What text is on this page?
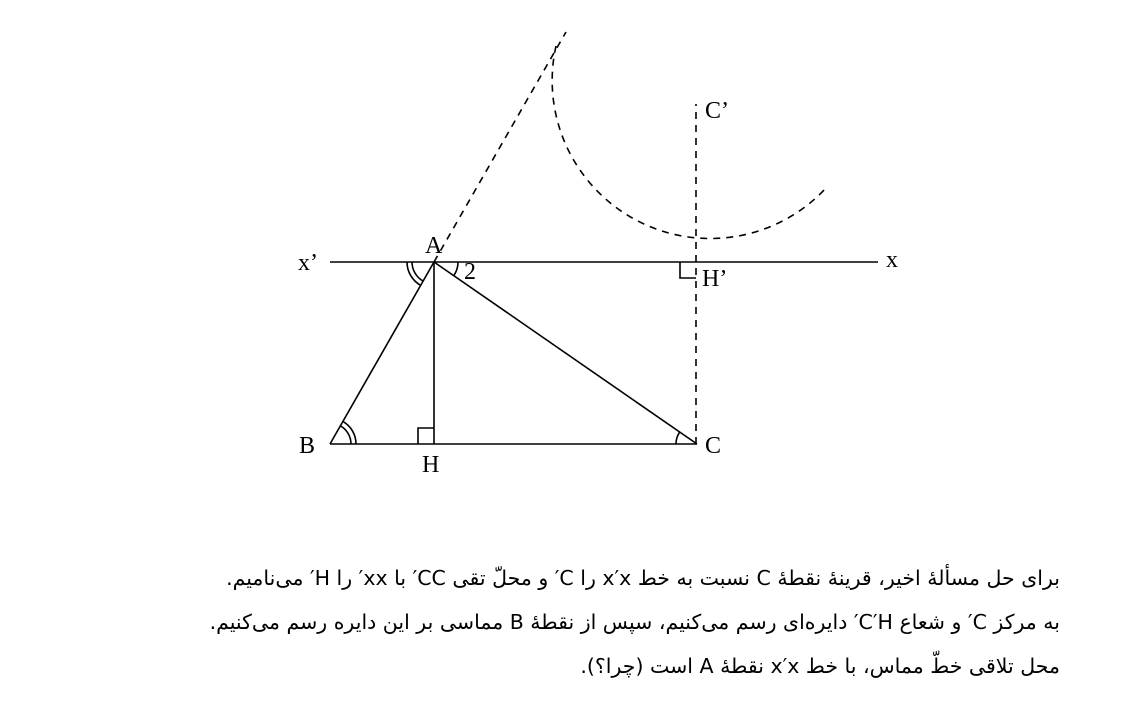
A
B	C
H
C’
H’
x
x’	2

برای حل مسألهٔ اخیر، قرینهٔ نقطهٔ C نسبت به خط x′x را C′ و محلّ تقی CC′ با xx′ را H′ می‌نامیم.

به مرکز C′ و شعاع C′H′ دایره‌ای رسم می‌کنیم، سپس از نقطهٔ B مماسی بر این دایره رسم می‌کنیم.

محل تلاقی خطّ مماس، با خط x′x نقطهٔ A است (چرا؟).
